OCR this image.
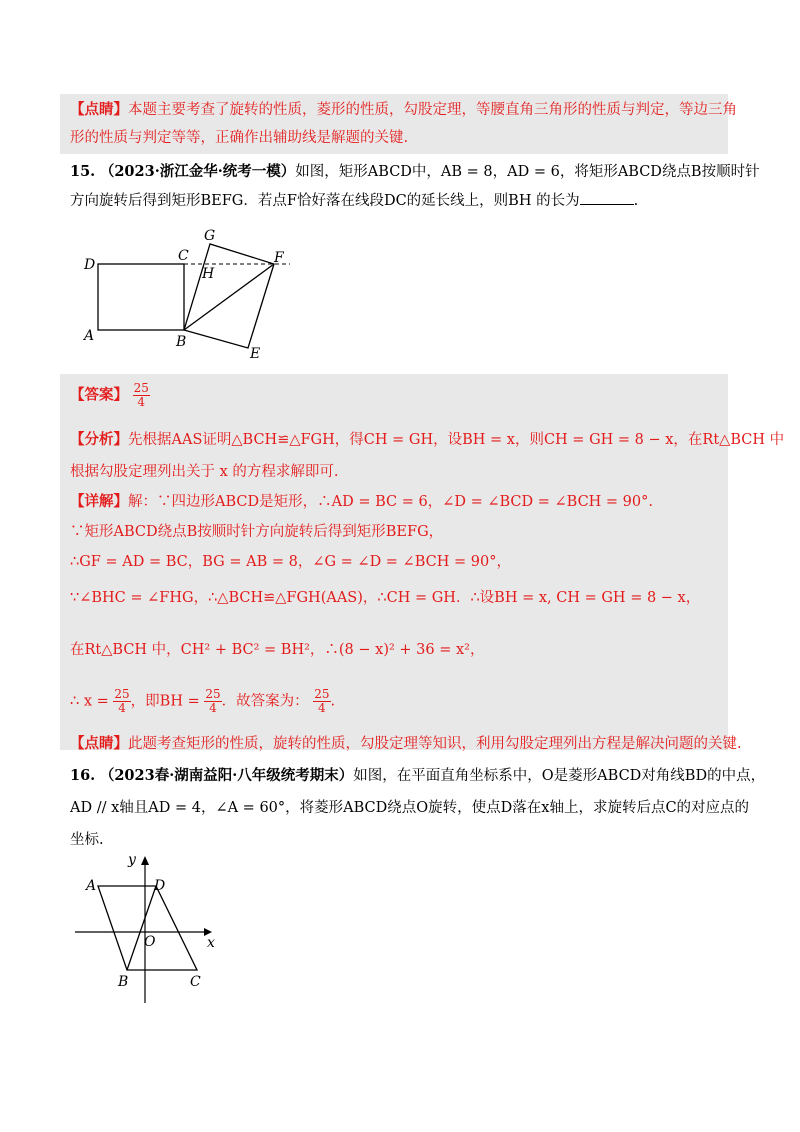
【点睛】本题主要考查了旋转的性质，菱形的性质，勾股定理，等腰直角三角形的性质与判定，等边三角
形的性质与判定等等，正确作出辅助线是解题的关键.
15. （2023·浙江金华·统考一模）如图，矩形ABCD中，AB = 8，AD = 6，将矩形ABCD绕点B按顺时针
方向旋转后得到矩形BEFG．若点F恰好落在线段DC的延长线上，则BH 的长为	.
D
C
G
H
F
A	B
E
【答案】 $\frac{25}{4}$
【分析】先根据AAS证明△BCH≌△FGH，得CH = GH，设BH = x，则CH = GH = 8 − x，在Rt△BCH 中
根据勾股定理列出关于 x 的方程求解即可.
【详解】解：∵四边形ABCD是矩形，∴AD = BC = 6，∠D = ∠BCD = ∠BCH = 90°.
∵矩形ABCD绕点B按顺时针方向旋转后得到矩形BEFG，
∴GF = AD = BC，BG = AB = 8，∠G = ∠D = ∠BCH = 90°，
∵∠BHC = ∠FHG，∴△BCH≌△FGH(AAS)，∴CH = GH．∴设BH = x, CH = GH = 8 − x，
在Rt△BCH 中，CH² + BC² = BH²，∴(8 − x)² + 36 = x²，
∴ $x = \frac{25}{4}$ ，即BH = $\frac{25}{4}$ ．故答案为： $\frac{25}{4}$ .
【点睛】此题考查矩形的性质，旋转的性质，勾股定理等知识，利用勾股定理列出方程是解决问题的关键.
16. （2023春·湖南益阳·八年级统考期末）如图，在平面直角坐标系中，O是菱形ABCD对角线BD的中点，
AD // x轴且AD = 4，∠A = 60°，将菱形ABCD绕点O旋转，使点D落在x轴上，求旋转后点C的对应点的
坐标.
y
A	D
O	x
B	C
